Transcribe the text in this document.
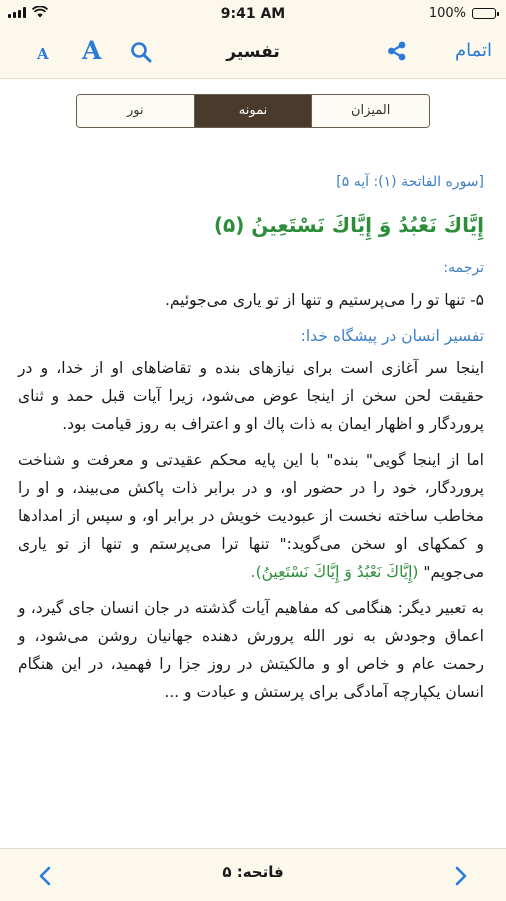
9:41 AM	100%
A A	تفسیر	اتمام
المیزان
نمونه
نور

[سوره الفاتحة (۱): آیه ۵]

إِيَّاكَ نَعْبُدُ وَ إِيَّاكَ نَسْتَعِينُ (۵)

ترجمه:

۵- تنها تو را می‌پرستیم و تنها از تو یاری می‌جوئیم.

تفسیر انسان در پیشگاه خدا:

اینجا سر آغازی است برای نیازهای بنده و تقاضاهای او از خدا، و در حقیقت لحن سخن از اینجا عوض می‌شود، زیرا آیات قبل حمد و ثنای پروردگار و اظهار ایمان به ذات پاك او و اعتراف به روز قیامت بود.

اما از اینجا گویی" بنده" با این پایه محکم عقیدتی و معرفت و شناخت پروردگار، خود را در حضور او، و در برابر ذات پاکش می‌بیند، و او را مخاطب ساخته نخست از عبودیت خویش در برابر او، و سپس از امدادها و کمکهای او سخن می‌گوید:" تنها ترا می‌پرستم و تنها از تو یاری می‌جویم" (إِيَّاكَ نَعْبُدُ وَ إِيَّاكَ نَسْتَعِينُ).

به تعبیر دیگر: هنگامی که مفاهیم آیات گذشته در جان انسان جای گیرد، و اعماق وجودش به نور الله پرورش دهنده جهانیان روشن می‌شود، و رحمت عام و خاص او و مالکیتش در روز جزا را فهمید، در این هنگام انسان یکپارچه آمادگی برای پرستش و عبادت و ...

فاتحه: ۵
